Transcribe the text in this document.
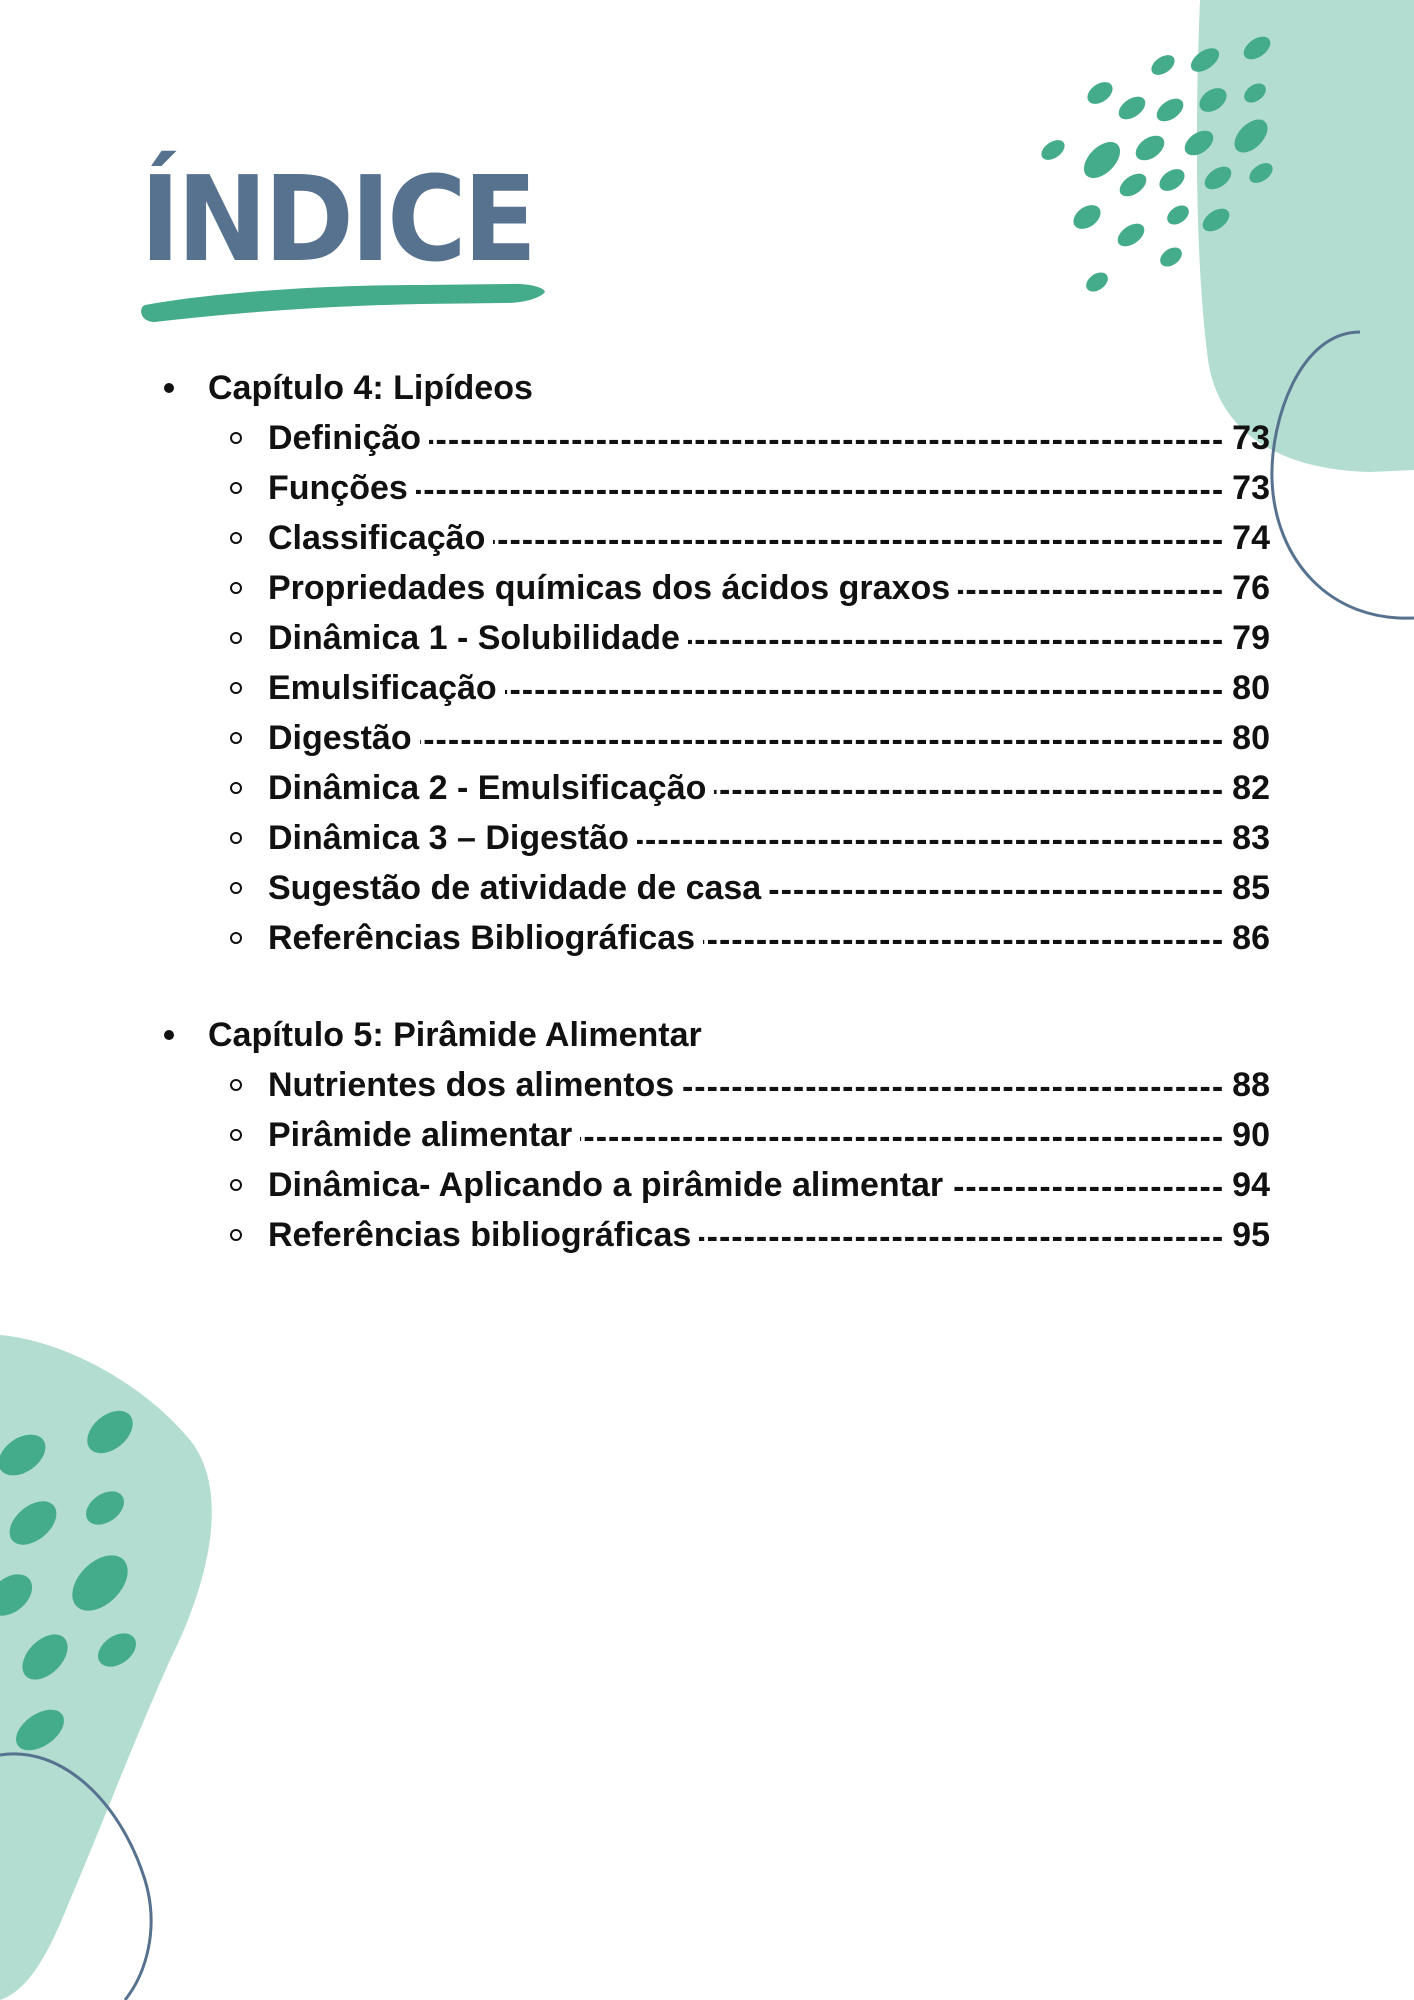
ÍNDICE
Capítulo 4: Lipídeos
Definição -----	73
Funções -----	73
Classificação -----	74
Propriedades químicas dos ácidos graxos -----	76
Dinâmica 1 - Solubilidade -----	79
Emulsificação -----	80
Digestão -----	80
Dinâmica 2 - Emulsificação -----	82
Dinâmica 3 – Digestão -----	83
Sugestão de atividade de casa -----	85
Referências Bibliográficas -----	86
Capítulo 5: Pirâmide Alimentar
Nutrientes dos alimentos -----	88
Pirâmide alimentar -----	90
Dinâmica- Aplicando a pirâmide alimentar -----	94
Referências bibliográficas -----	95
